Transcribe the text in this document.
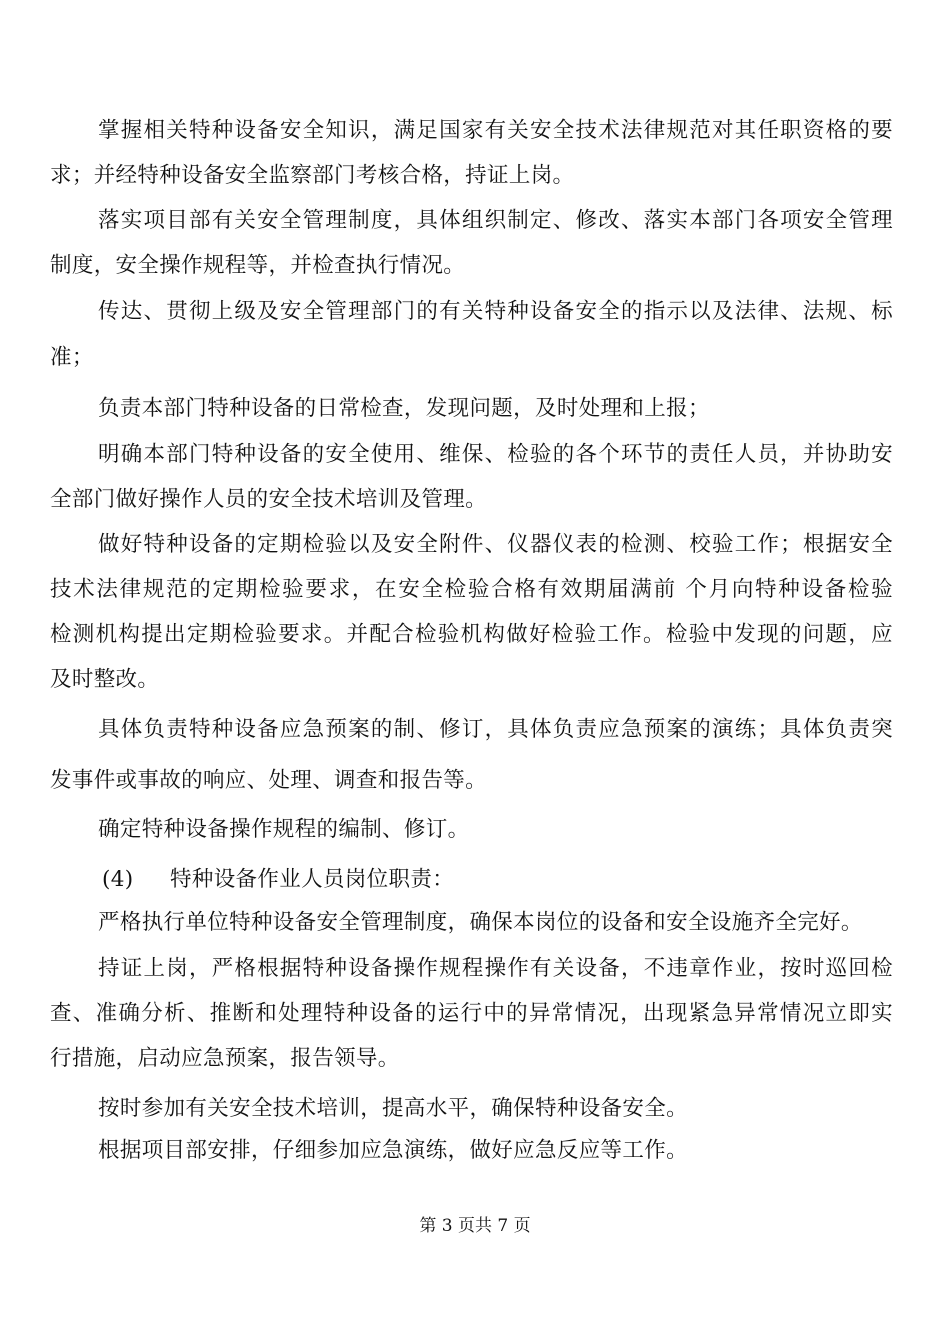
掌握相关特种设备安全知识，满足国家有关安全技术法律规范对其任职资格的要
求；并经特种设备安全监察部门考核合格，持证上岗。
落实项目部有关安全管理制度，具体组织制定、修改、落实本部门各项安全管理
制度，安全操作规程等，并检查执行情况。
传达、贯彻上级及安全管理部门的有关特种设备安全的指示以及法律、法规、标
准；
负责本部门特种设备的日常检查，发现问题，及时处理和上报；
明确本部门特种设备的安全使用、维保、检验的各个环节的责任人员，并协助安
全部门做好操作人员的安全技术培训及管理。
做好特种设备的定期检验以及安全附件、仪器仪表的检测、校验工作；根据安全
技术法律规范的定期检验要求，在安全检验合格有效期届满前 个月向特种设备检验
检测机构提出定期检验要求。并配合检验机构做好检验工作。检验中发现的问题，应
及时整改。
具体负责特种设备应急预案的制、修订，具体负责应急预案的演练；具体负责突
发事件或事故的响应、处理、调查和报告等。
确定特种设备操作规程的编制、修订。
(4) 特种设备作业人员岗位职责：
严格执行单位特种设备安全管理制度，确保本岗位的设备和安全设施齐全完好。
持证上岗，严格根据特种设备操作规程操作有关设备，不违章作业，按时巡回检
查、准确分析、推断和处理特种设备的运行中的异常情况，出现紧急异常情况立即实
行措施，启动应急预案，报告领导。
按时参加有关安全技术培训，提高水平，确保特种设备安全。
根据项目部安排，仔细参加应急演练，做好应急反应等工作。
第 3 页共 7 页
